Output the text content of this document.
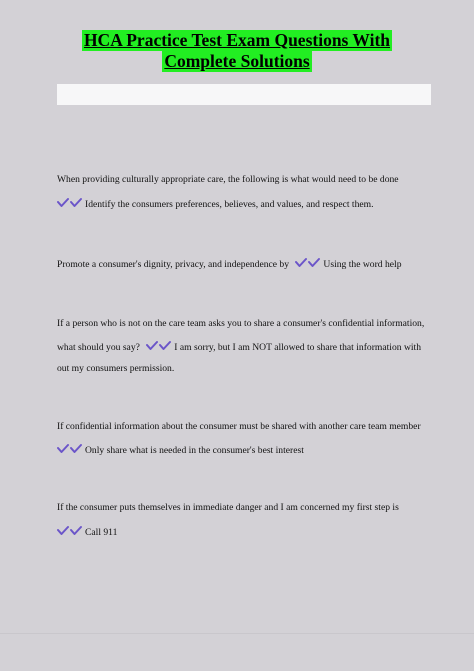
HCA Practice Test Exam Questions With
Complete Solutions
When providing culturally appropriate care, the following is what would need to be done
Identify the consumers preferences, believes, and values, and respect them.
Promote a consumer's dignity, privacy, and independence by	Using the word help
If a person who is not on the care team asks you to share a consumer's confidential information,
what should you say?	I am sorry, but I am NOT allowed to share that information with
out my consumers permission.
If confidential information about the consumer must be shared with another care team member
Only share what is needed in the consumer's best interest
If the consumer puts themselves in immediate danger and I am concerned my first step is
Call 911
